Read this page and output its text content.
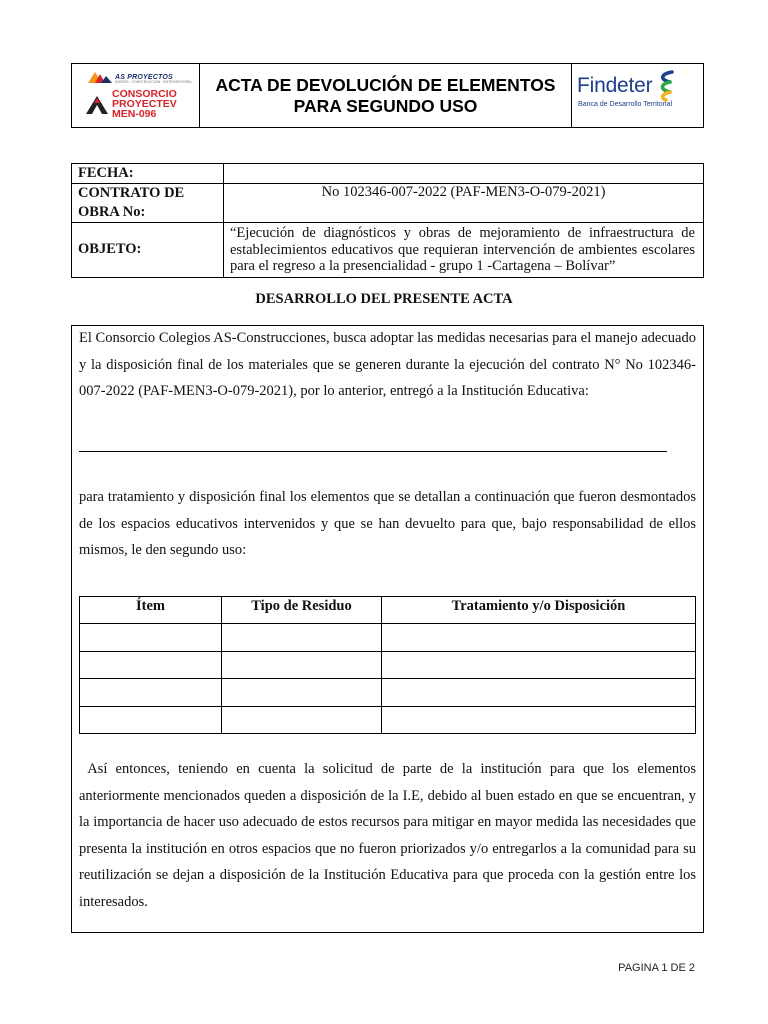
AS PROYECTOS
DISEÑO · CONSTRUCCIÓN · INTERVENTORÍA
CONSORCIO
PROYECTEV
MEN-096
ACTA DE DEVOLUCIÓN DE ELEMENTOS
PARA SEGUNDO USO
Findeter
Banca de Desarrollo Territorial
FECHA:	
CONTRATO DE OBRA No:	No 102346-007-2022 (PAF-MEN3-O-079-2021)
OBJETO:	“Ejecución de diagnósticos y obras de mejoramiento de infraestructura de establecimientos educativos que requieran intervención de ambientes escolares para el regreso a la presencialidad - grupo 1 -Cartagena – Bolívar”
DESARROLLO DEL PRESENTE ACTA
El Consorcio Colegios AS-Construcciones, busca adoptar las medidas necesarias para el manejo adecuado y la disposición final de los materiales que se generen durante la ejecución del contrato N° No 102346-007-2022 (PAF-MEN3-O-079-2021), por lo anterior, entregó a la Institución Educativa:
para tratamiento y disposición final los elementos que se detallan a continuación que fueron desmontados de los espacios educativos intervenidos y que se han devuelto para que, bajo responsabilidad de ellos mismos, le den segundo uso:
Ítem	Tipo de Residuo	Tratamiento y/o Disposición

Así entonces, teniendo en cuenta la solicitud de parte de la institución para que los elementos anteriormente mencionados queden a disposición de la I.E, debido al buen estado en que se encuentran, y la importancia de hacer uso adecuado de estos recursos para mitigar en mayor medida las necesidades que presenta la institución en otros espacios que no fueron priorizados y/o entregarlos a la comunidad para su reutilización se dejan a disposición de la Institución Educativa para que proceda con la gestión entre los interesados.
PAGINA 1 DE 2
